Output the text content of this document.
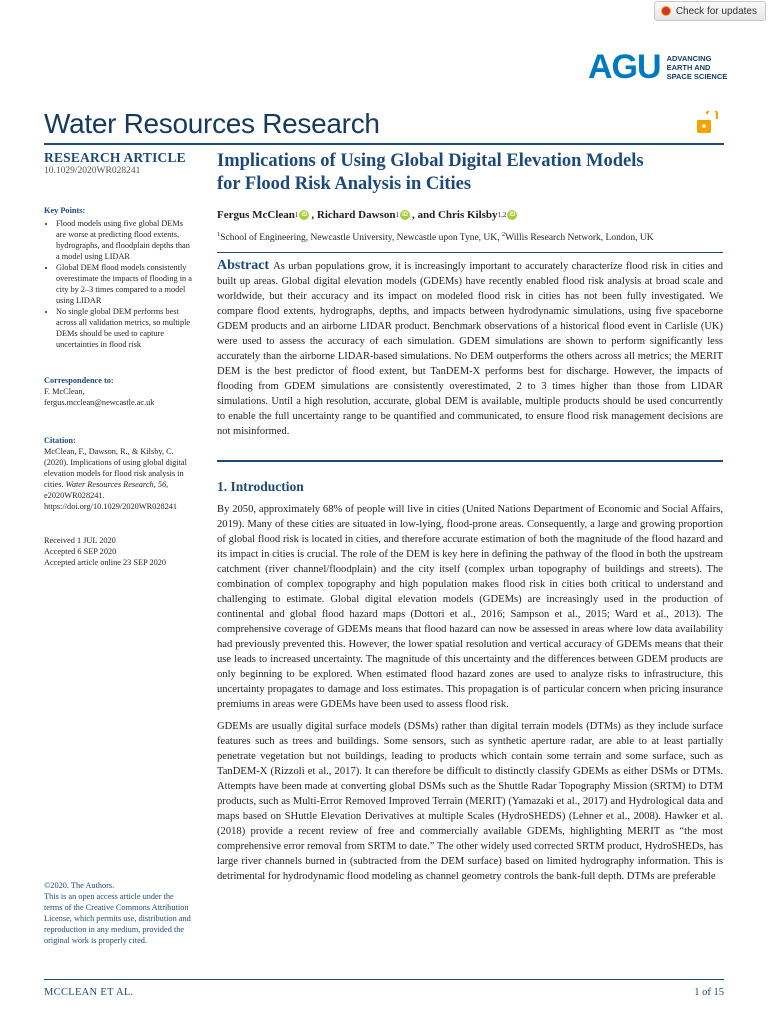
Check for updates
AGU ADVANCING
EARTH AND
SPACE SCIENCE
Water Resources Research
RESEARCH ARTICLE
10.1029/2020WR028241
Key Points:
• Flood models using five global DEMs are worse at predicting flood extents, hydrographs, and floodplain depths than a model using LIDAR
• Global DEM flood models consistently overestimate the impacts of flooding in a city by 2–3 times compared to a model using LIDAR
• No single global DEM performs best across all validation metrics, so multiple DEMs should be used to capture uncertainties in flood risk
Correspondence to:
F. McClean,
fergus.mcclean@newcastle.ac.uk
Citation:
McClean, F., Dawson, R., & Kilsby, C. (2020). Implications of using global digital elevation models for flood risk analysis in cities. Water Resources Research, 56, e2020WR028241. https://doi.org/10.1029/2020WR028241
Received 1 JUL 2020
Accepted 6 SEP 2020
Accepted article online 23 SEP 2020
Implications of Using Global Digital Elevation Models
for Flood Risk Analysis in Cities
Fergus McClean 1 iD , Richard Dawson 1 iD , and Chris Kilsby 1,2 iD
$^1$School of Engineering, Newcastle University, Newcastle upon Tyne, UK, $^2$Willis Research Network, London, UK
Abstract As urban populations grow, it is increasingly important to accurately characterize flood risk in cities and built up areas. Global digital elevation models (GDEMs) have recently enabled flood risk analysis at broad scale and worldwide, but their accuracy and its impact on modeled flood risk in cities has not been fully investigated. We compare flood extents, hydrographs, depths, and impacts between hydrodynamic simulations, using five spaceborne GDEM products and an airborne LIDAR product. Benchmark observations of a historical flood event in Carlisle (UK) were used to assess the accuracy of each simulation. GDEM simulations are shown to perform significantly less accurately than the airborne LIDAR-based simulations. No DEM outperforms the others across all metrics; the MERIT DEM is the best predictor of flood extent, but TanDEM-X performs best for discharge. However, the impacts of flooding from GDEM simulations are consistently overestimated, 2 to 3 times higher than those from LIDAR simulations. Until a high resolution, accurate, global DEM is available, multiple products should be used concurrently to enable the full uncertainty range to be quantified and communicated, to ensure flood risk management decisions are not misinformed.
1. Introduction
By 2050, approximately 68% of people will live in cities (United Nations Department of Economic and Social Affairs, 2019). Many of these cities are situated in low-lying, flood-prone areas. Consequently, a large and growing proportion of global flood risk is located in cities, and therefore accurate estimation of both the magnitude of the flood hazard and its impact in cities is crucial. The role of the DEM is key here in defining the pathway of the flood in both the upstream catchment (river channel/floodplain) and the city itself (complex urban topography of buildings and streets). The combination of complex topography and high population makes flood risk in cities both critical to understand and challenging to estimate. Global digital elevation models (GDEMs) are increasingly used in the production of continental and global flood hazard maps (Dottori et al., 2016; Sampson et al., 2015; Ward et al., 2013). The comprehensive coverage of GDEMs means that flood hazard can now be assessed in areas where low data availability had previously prevented this. However, the lower spatial resolution and vertical accuracy of GDEMs means that their use leads to increased uncertainty. The magnitude of this uncertainty and the differences between GDEM products are only beginning to be explored. When estimated flood hazard zones are used to analyze risks to infrastructure, this uncertainty propagates to damage and loss estimates. This propagation is of particular concern when pricing insurance premiums in areas were GDEMs have been used to assess flood risk.
GDEMs are usually digital surface models (DSMs) rather than digital terrain models (DTMs) as they include surface features such as trees and buildings. Some sensors, such as synthetic aperture radar, are able to at least partially penetrate vegetation but not buildings, leading to products which contain some terrain and some surface, such as TanDEM-X (Rizzoli et al., 2017). It can therefore be difficult to distinctly classify GDEMs as either DSMs or DTMs. Attempts have been made at converting global DSMs such as the Shuttle Radar Topography Mission (SRTM) to DTM products, such as Multi-Error Removed Improved Terrain (MERIT) (Yamazaki et al., 2017) and Hydrological data and maps based on SHuttle Elevation Derivatives at multiple Scales (HydroSHEDS) (Lehner et al., 2008). Hawker et al. (2018) provide a recent review of free and commercially available GDEMs, highlighting MERIT as “the most comprehensive error removal from SRTM to date.” The other widely used corrected SRTM product, HydroSHEDs, has large river channels burned in (subtracted from the DEM surface) based on limited hydrography information. This is detrimental for hydrodynamic flood modeling as channel geometry controls the bank-full depth. DTMs are preferable
©2020. The Authors.
This is an open access article under the terms of the Creative Commons Attribution License, which permits use, distribution and reproduction in any medium, provided the original work is properly cited.
MCCLEAN ET AL.	1 of 15
